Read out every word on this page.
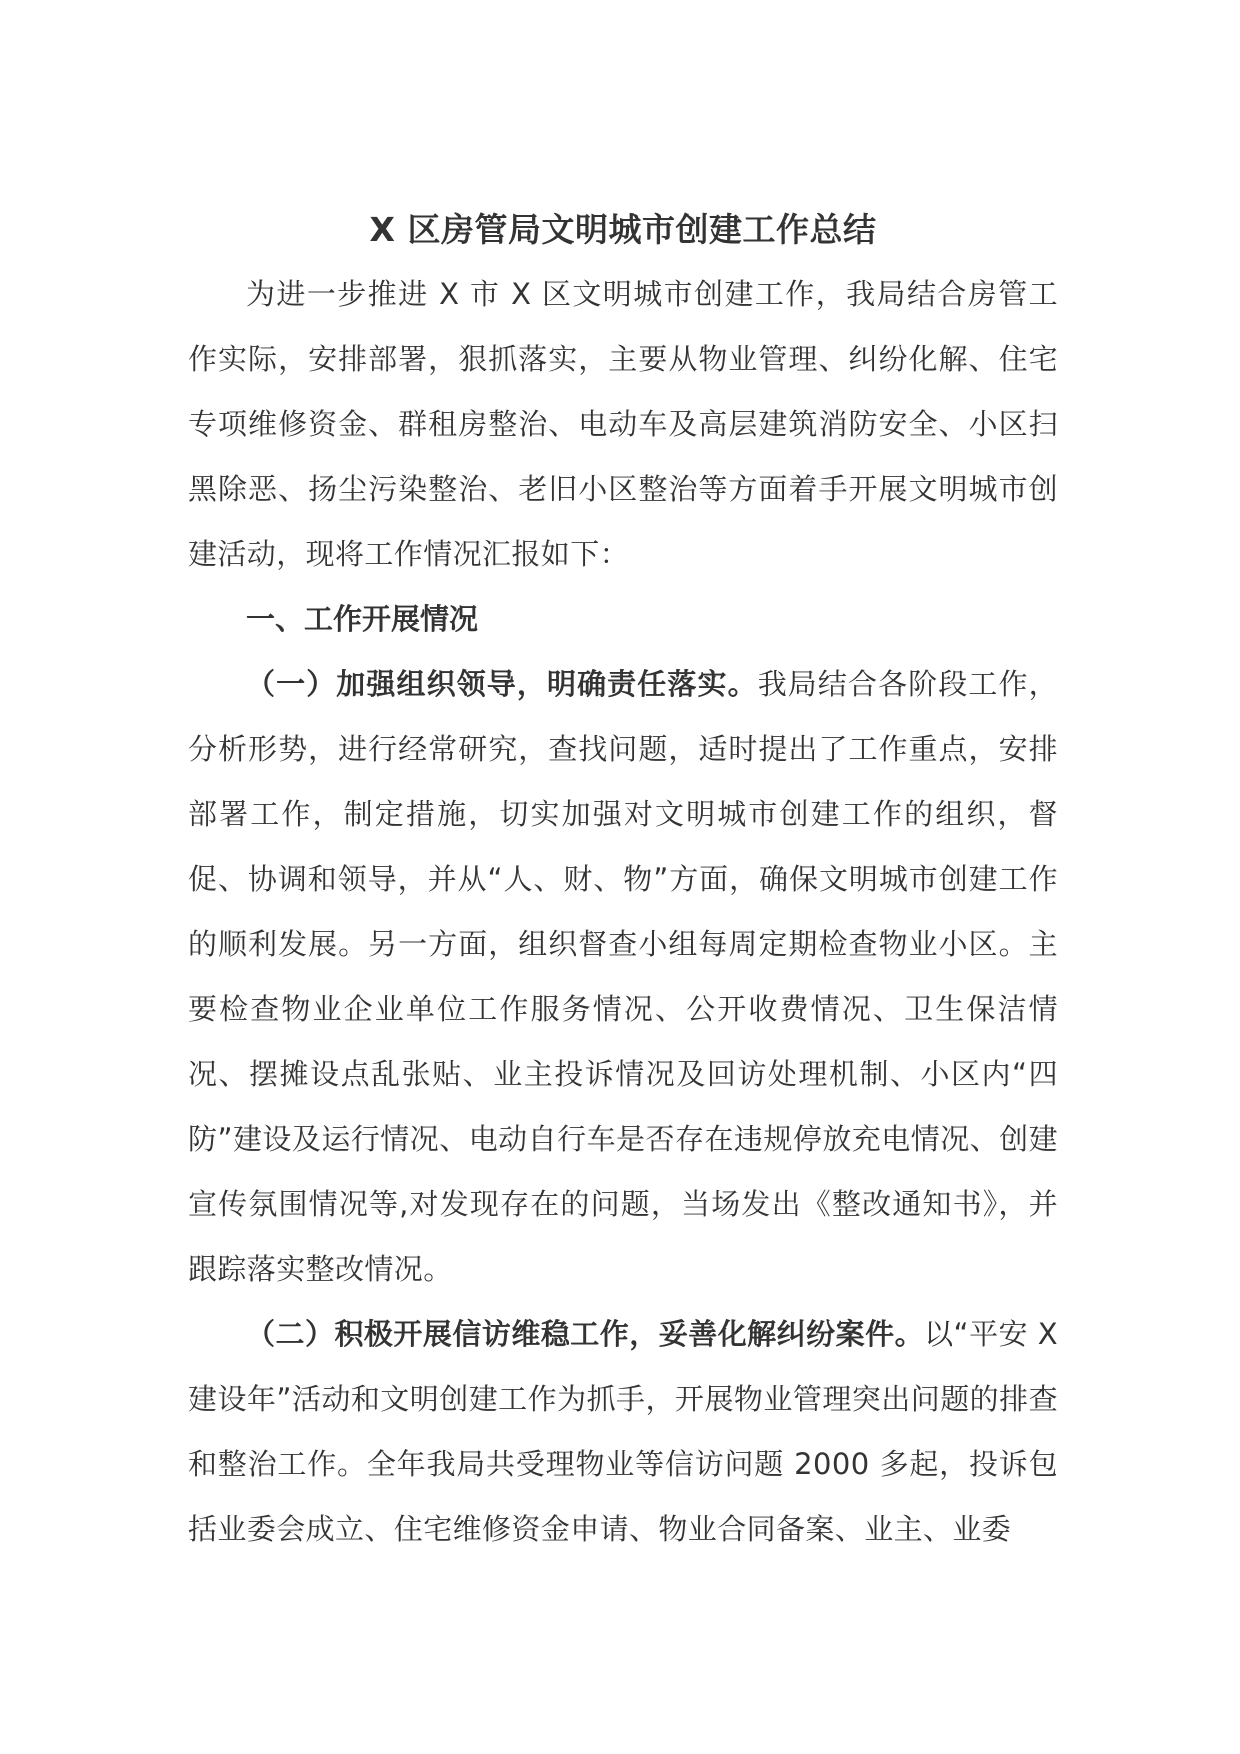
X 区房管局文明城市创建工作总结

为进一步推进 X 市 X 区文明城市创建工作，我局结合房管工作实际，安排部署，狠抓落实，主要从物业管理、纠纷化解、住宅专项维修资金、群租房整治、电动车及高层建筑消防安全、小区扫黑除恶、扬尘污染整治、老旧小区整治等方面着手开展文明城市创建活动，现将工作情况汇报如下：

一、工作开展情况

（一）加强组织领导，明确责任落实。我局结合各阶段工作，分析形势，进行经常研究，查找问题，适时提出了工作重点，安排部署工作，制定措施，切实加强对文明城市创建工作的组织，督促、协调和领导，并从“人、财、物”方面，确保文明城市创建工作的顺利发展。另一方面，组织督查小组每周定期检查物业小区。主要检查物业企业单位工作服务情况、公开收费情况、卫生保洁情况、摆摊设点乱张贴、业主投诉情况及回访处理机制、小区内“四防”建设及运行情况、电动自行车是否存在违规停放充电情况、创建宣传氛围情况等,对发现存在的问题，当场发出《整改通知书》，并跟踪落实整改情况。

（二）积极开展信访维稳工作，妥善化解纠纷案件。以“平安 X 建设年”活动和文明创建工作为抓手，开展物业管理突出问题的排查和整治工作。全年我局共受理物业等信访问题 2000 多起，投诉包括业委会成立、住宅维修资金申请、物业合同备案、业主、业委
